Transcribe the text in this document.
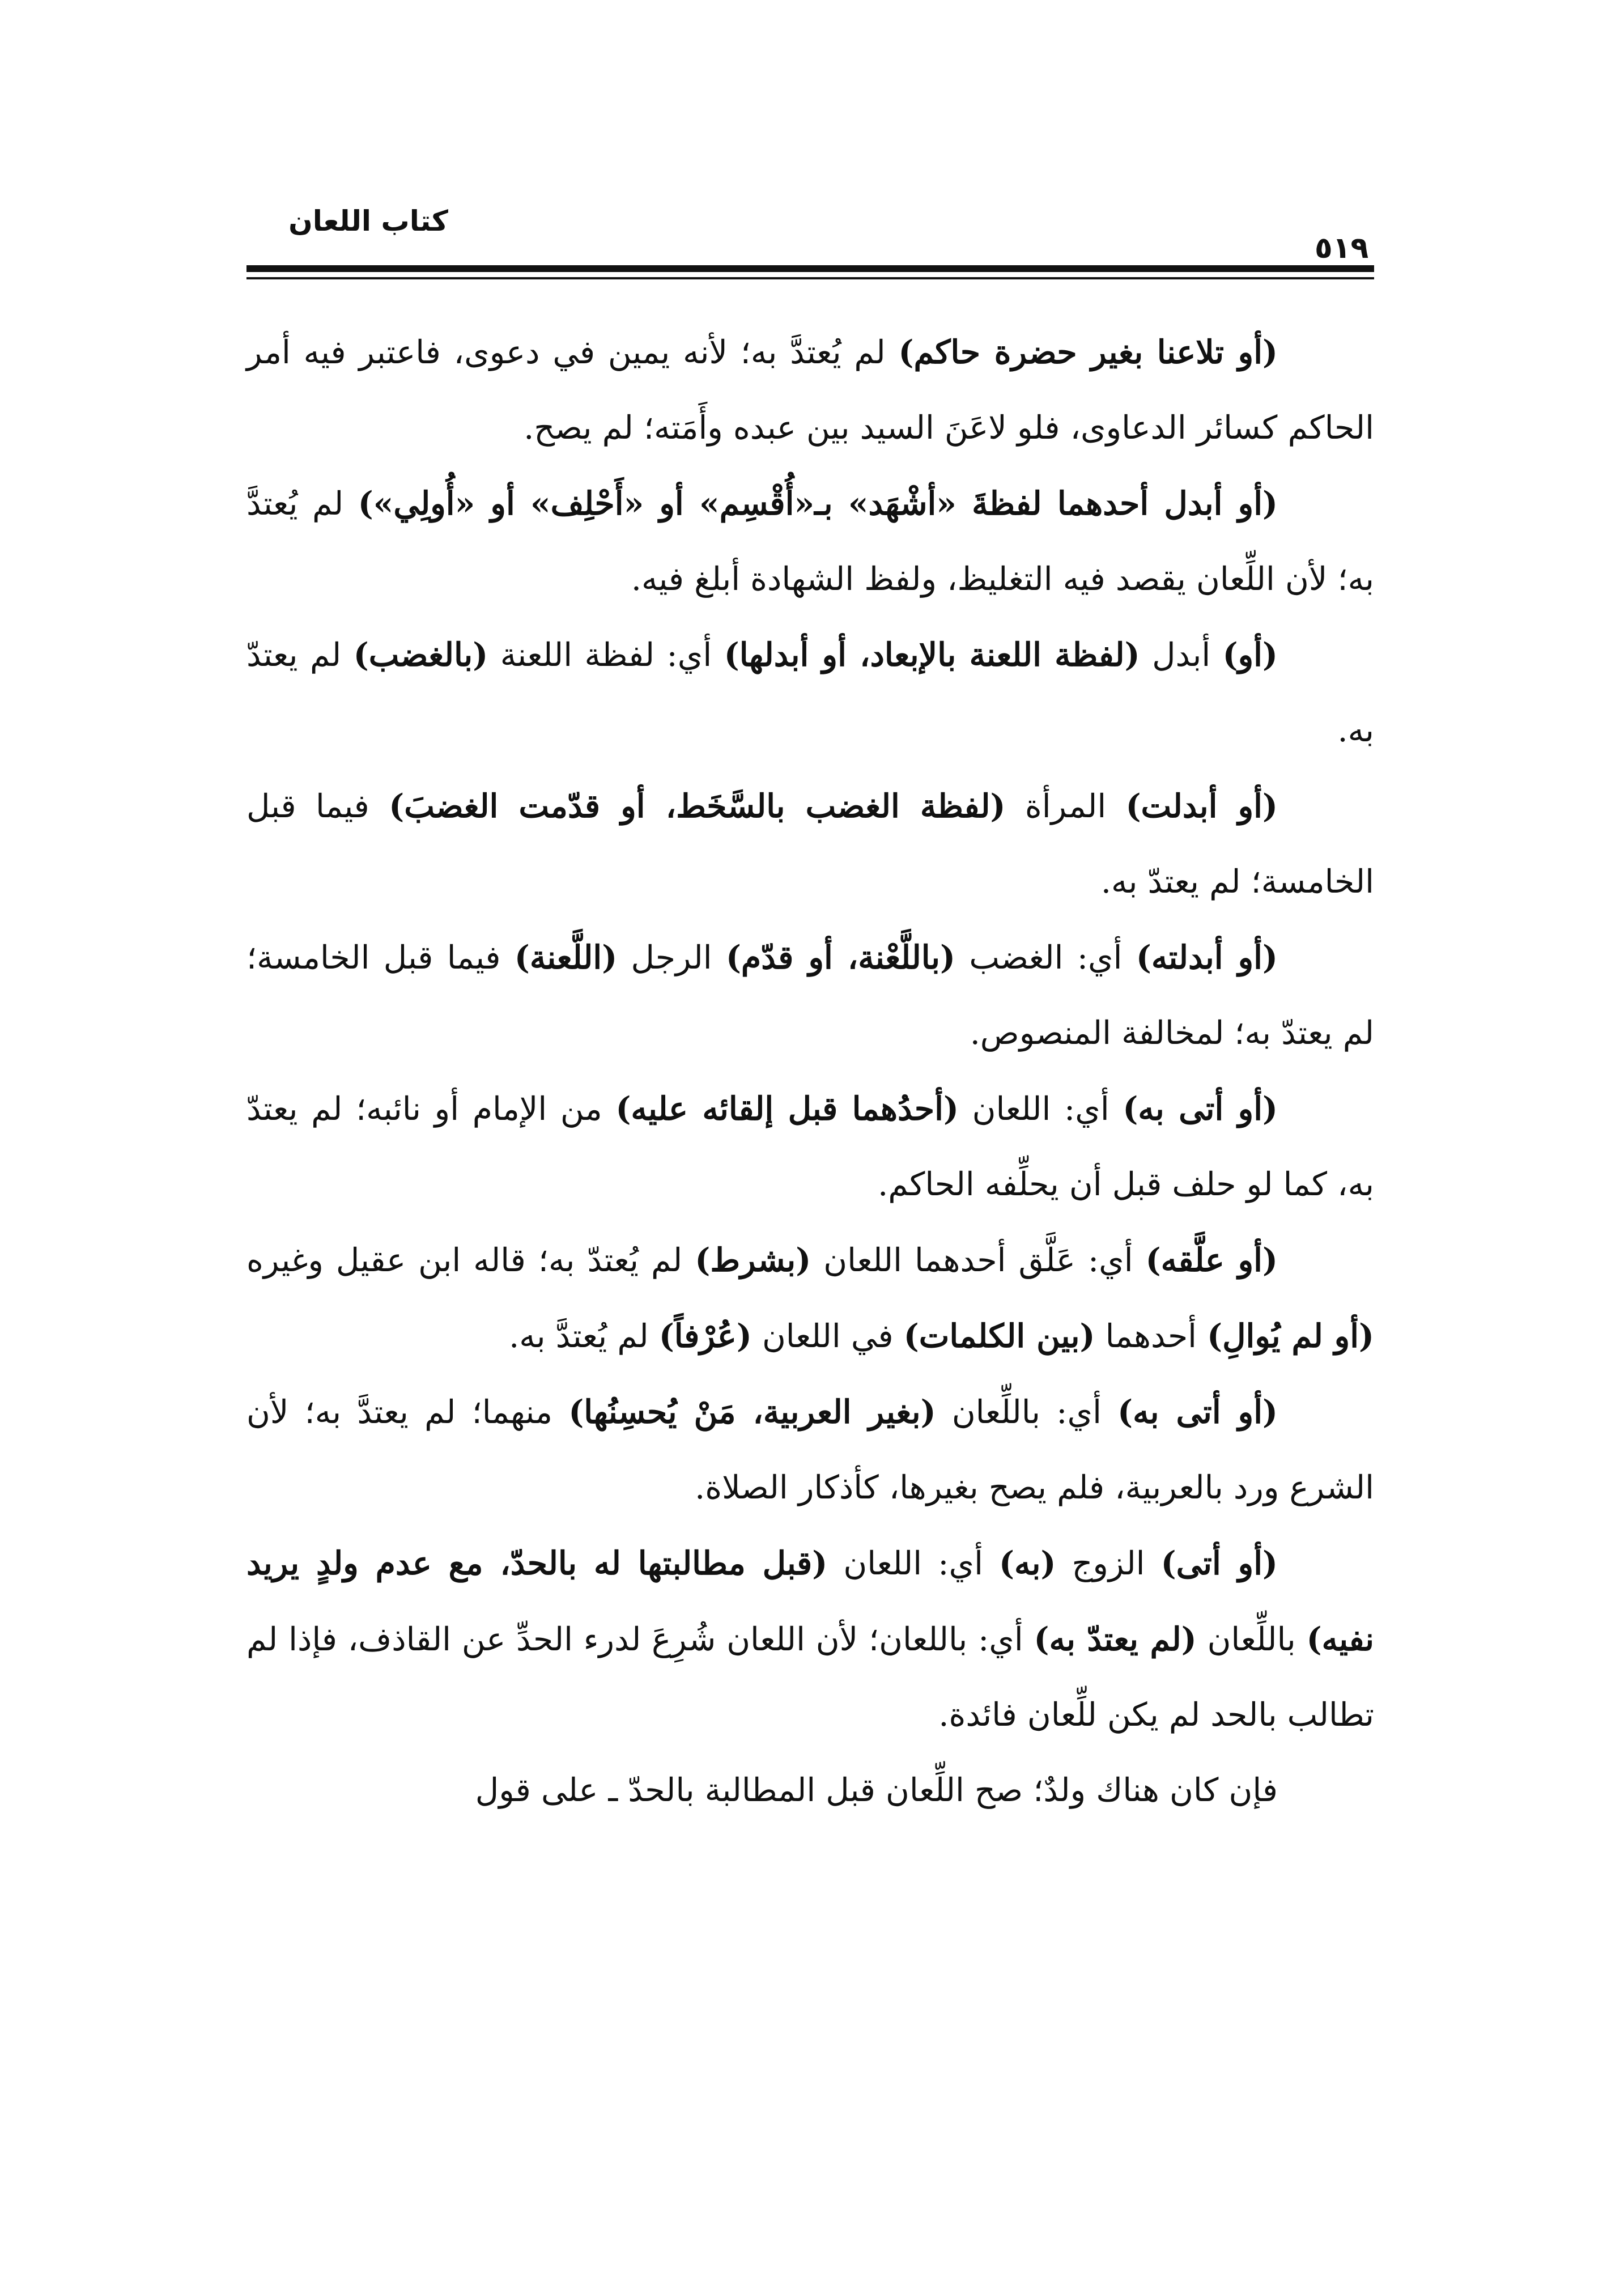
كتاب اللعان
٥١٩

(أو تلاعنا بغير حضرة حاكم) لم يُعتدَّ به؛ لأنه يمين في دعوى، فاعتبر فيه أمر الحاكم كسائر الدعاوى، فلو لاعَنَ السيد بين عبده وأَمَته؛ لم يصح.

(أو أبدل أحدهما لفظةَ «أشْهَد» بـ«أُقْسِم» أو «أَحْلِف» أو «أُولِي») لم يُعتدَّ به؛ لأن اللِّعان يقصد فيه التغليظ، ولفظ الشهادة أبلغ فيه.

(أو) أبدل (لفظة اللعنة بالإبعاد، أو أبدلها) أي: لفظة اللعنة (بالغضب) لم يعتدّ به.

(أو أبدلت) المرأة (لفظة الغضب بالسَّخَط، أو قدّمت الغضبَ) فيما قبل الخامسة؛ لم يعتدّ به.

(أو أبدلته) أي: الغضب (باللَّعْنة، أو قدّم) الرجل (اللَّعنة) فيما قبل الخامسة؛ لم يعتدّ به؛ لمخالفة المنصوص.

(أو أتى به) أي: اللعان (أحدُهما قبل إلقائه عليه) من الإمام أو نائبه؛ لم يعتدّ به، كما لو حلف قبل أن يحلِّفه الحاكم.

(أو علَّقه) أي: عَلَّق أحدهما اللعان (بشرط) لم يُعتدّ به؛ قاله ابن عقيل وغيره (أو لم يُوالِ) أحدهما (بين الكلمات) في اللعان (عُرْفاً) لم يُعتدَّ به.

(أو أتى به) أي: باللِّعان (بغير العربية، مَنْ يُحسِنُها) منهما؛ لم يعتدَّ به؛ لأن الشرع ورد بالعربية، فلم يصح بغيرها، كأذكار الصلاة.

(أو أتى) الزوج (به) أي: اللعان (قبل مطالبتها له بالحدّ، مع عدم ولدٍ يريد نفيه) باللِّعان (لم يعتدّ به) أي: باللعان؛ لأن اللعان شُرِعَ لدرء الحدِّ عن القاذف، فإذا لم تطالب بالحد لم يكن للِّعان فائدة.

فإن كان هناك ولدٌ؛ صح اللِّعان قبل المطالبة بالحدّ ـ على قول
